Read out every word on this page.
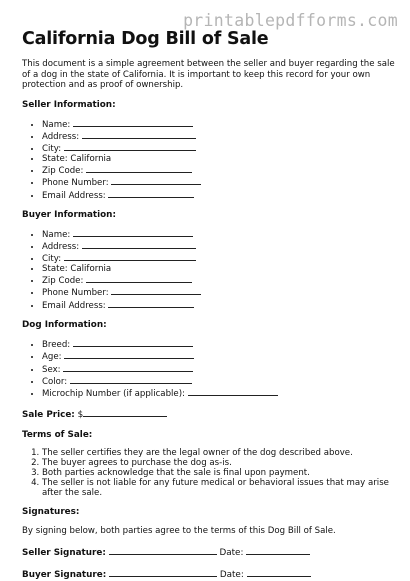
printablepdfforms.com
California Dog Bill of Sale

This document is a simple agreement between the seller and buyer regarding the sale of a dog in the state of California. It is important to keep this record for your own protection and as proof of ownership.

Seller Information:
• Name:
• Address:
• City:
• State: California
• Zip Code:
• Phone Number:
• Email Address:
Buyer Information:
• Name:
• Address:
• City:
• State: California
• Zip Code:
• Phone Number:
• Email Address:
Dog Information:
• Breed:
• Age:
• Sex:
• Color:
• Microchip Number (if applicable):
Sale Price: $
Terms of Sale:
1. The seller certifies they are the legal owner of the dog described above.
2. The buyer agrees to purchase the dog as-is.
3. Both parties acknowledge that the sale is final upon payment.
4. The seller is not liable for any future medical or behavioral issues that may arise after the sale.
Signatures:

By signing below, both parties agree to the terms of this Dog Bill of Sale.

Seller Signature:	Date:
Buyer Signature:	Date:
